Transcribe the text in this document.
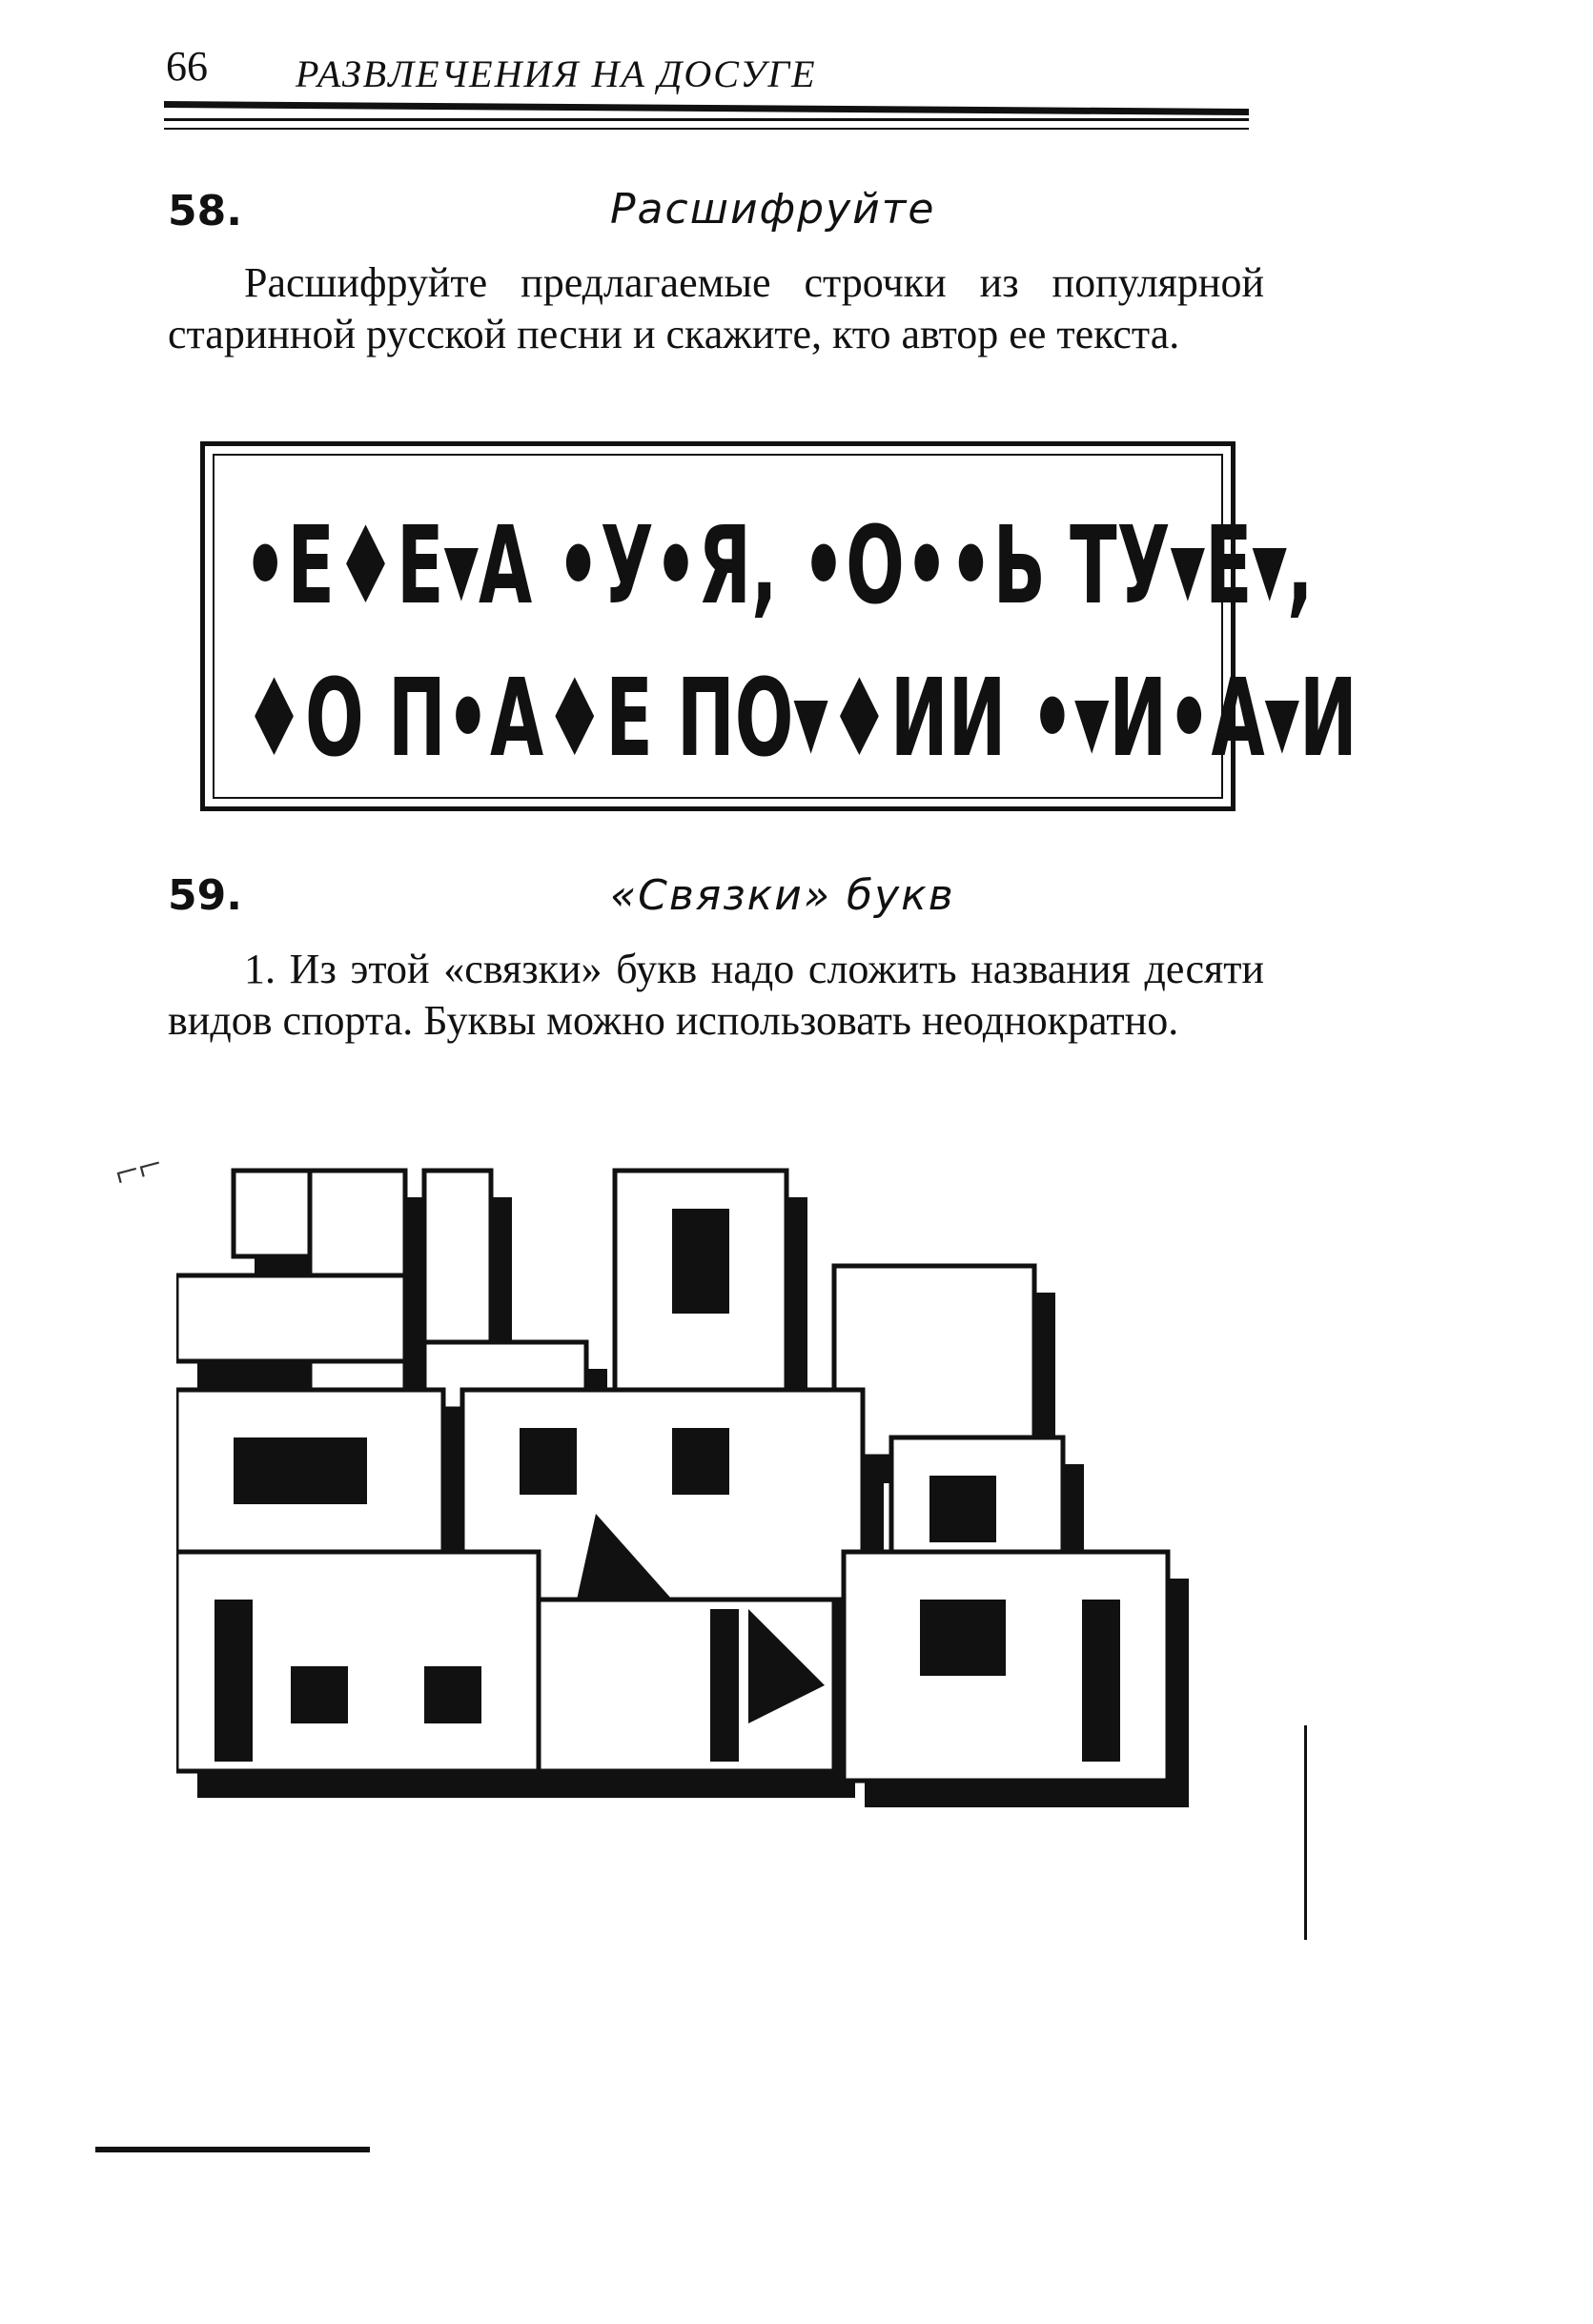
66 РАЗВЛЕЧЕНИЯ НА ДОСУГЕ
58.	Расшифруйте
Расшифруйте предлагаемые строчки из популярной старинной русской песни и скажите, кто автор ее текста.
•Е♦Е▾А •У•Я, •О••Ь ТУ▾Е▾,
♦О П•А♦Е ПО▾♦ИИ •▾И•А▾И
59.	«Связки» букв
1. Из этой «связки» букв надо сложить названия десяти видов спорта. Буквы можно использовать неоднократно.
⌐⌐
